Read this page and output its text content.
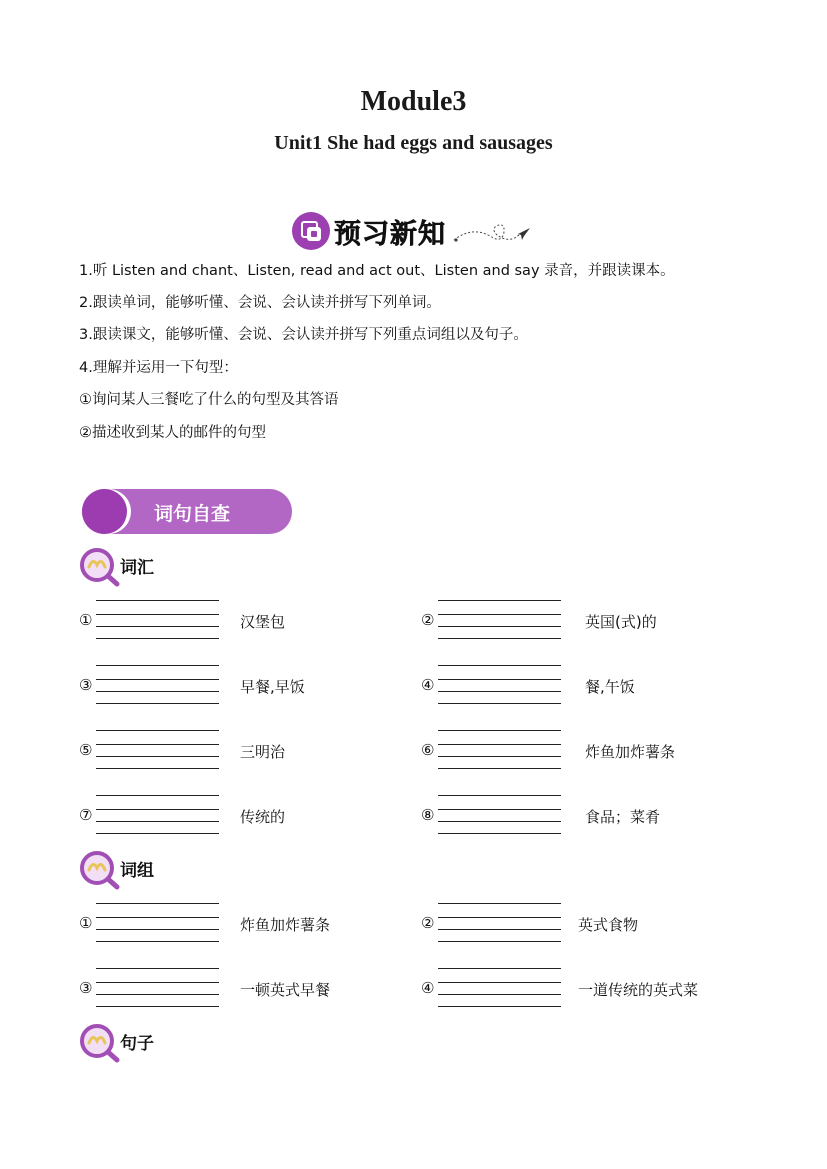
Module3
Unit1 She had eggs and sausages
预习新知
1.听 Listen and chant、Listen, read and act out、Listen and say 录音，并跟读课本。
2.跟读单词，能够听懂、会说、会认读并拼写下列单词。
3.跟读课文，能够听懂、会说、会认读并拼写下列重点词组以及句子。
4.理解并运用一下句型：
①询问某人三餐吃了什么的句型及其答语
②描述收到某人的邮件的句型
词句自查
词汇
①	汉堡包	②	英国(式)的
③	早餐,早饭	④	餐,午饭
⑤	三明治	⑥	炸鱼加炸薯条
⑦	传统的	⑧	食品；菜肴
词组
①	炸鱼加炸薯条	②	英式食物
③	一顿英式早餐	④	一道传统的英式菜
句子
